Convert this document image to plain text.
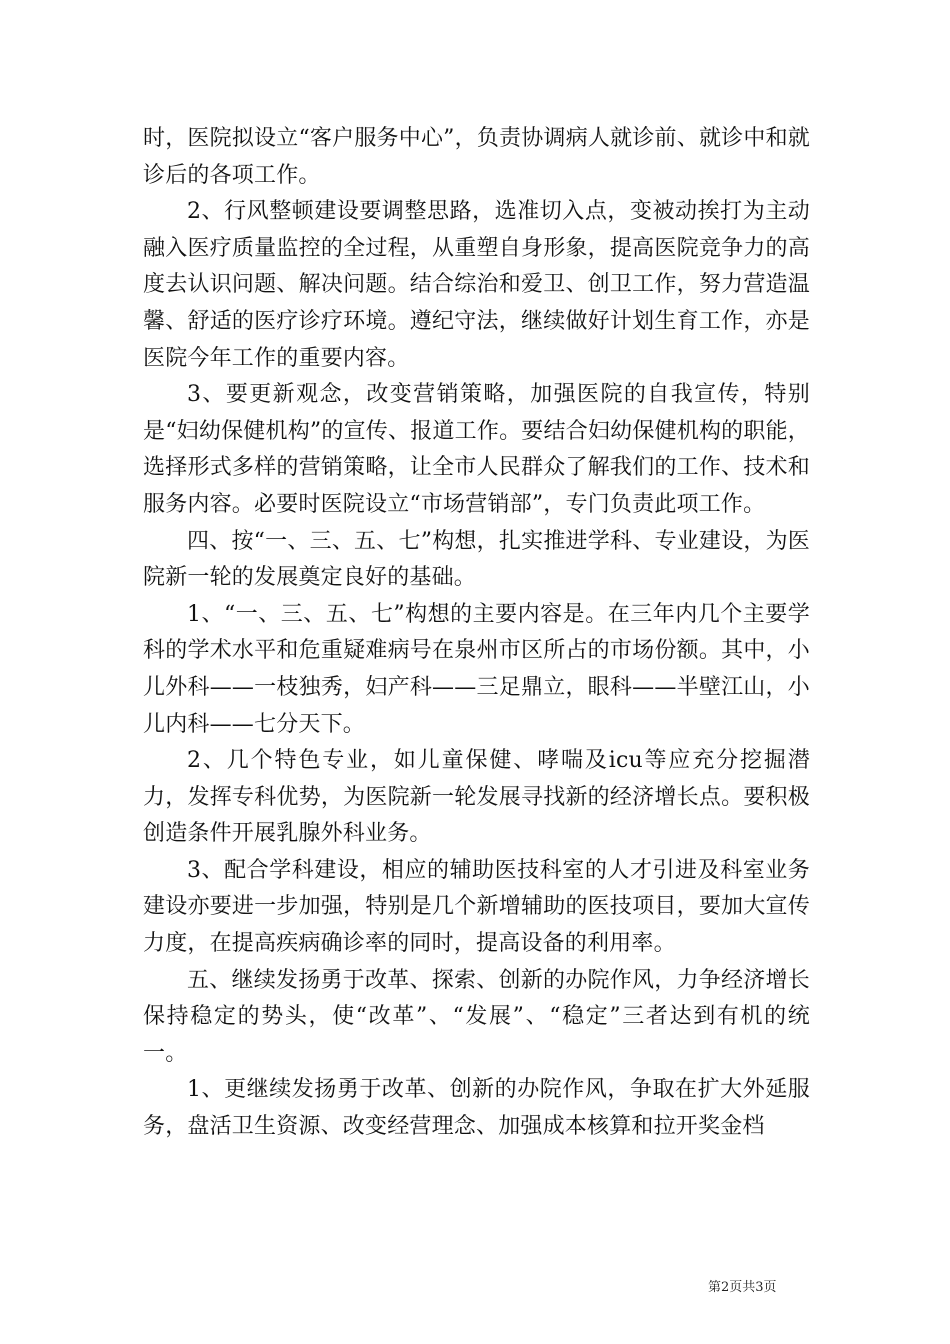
时，医院拟设立“客户服务中心”，负责协调病人就诊前、就诊中和就诊后的各项工作。

2、行风整顿建设要调整思路，选准切入点，变被动挨打为主动融入医疗质量监控的全过程，从重塑自身形象，提高医院竞争力的高度去认识问题、解决问题。结合综治和爱卫、创卫工作，努力营造温馨、舒适的医疗诊疗环境。遵纪守法，继续做好计划生育工作，亦是医院今年工作的重要内容。

3、要更新观念，改变营销策略，加强医院的自我宣传，特别是“妇幼保健机构”的宣传、报道工作。要结合妇幼保健机构的职能，选择形式多样的营销策略，让全市人民群众了解我们的工作、技术和服务内容。必要时医院设立“市场营销部”，专门负责此项工作。

四、按“一、三、五、七”构想，扎实推进学科、专业建设，为医院新一轮的发展奠定良好的基础。

1、“一、三、五、七”构想的主要内容是。在三年内几个主要学科的学术水平和危重疑难病号在泉州市区所占的市场份额。其中，小儿外科——一枝独秀，妇产科——三足鼎立，眼科——半壁江山，小儿内科——七分天下。

2、几个特色专业，如儿童保健、哮喘及icu等应充分挖掘潜力，发挥专科优势，为医院新一轮发展寻找新的经济增长点。要积极创造条件开展乳腺外科业务。

3、配合学科建设，相应的辅助医技科室的人才引进及科室业务建设亦要进一步加强，特别是几个新增辅助的医技项目，要加大宣传力度，在提高疾病确诊率的同时，提高设备的利用率。

五、继续发扬勇于改革、探索、创新的办院作风，力争经济增长保持稳定的势头，使“改革”、“发展”、“稳定”三者达到有机的统一。

1、更继续发扬勇于改革、创新的办院作风，争取在扩大外延服务，盘活卫生资源、改变经营理念、加强成本核算和拉开奖金档

第2页共3页
